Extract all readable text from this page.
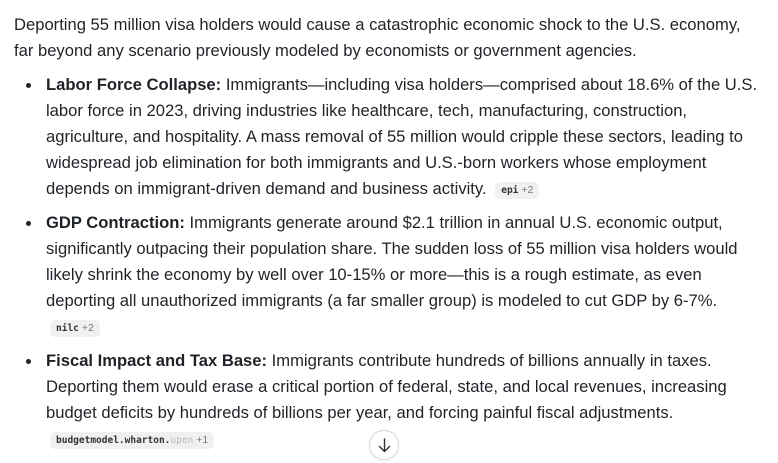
Deporting 55 million visa holders would cause a catastrophic economic shock to the U.S. economy, far beyond any scenario previously modeled by economists or government agencies.

Labor Force Collapse: Immigrants—including visa holders—comprised about 18.6% of the U.S. labor force in 2023, driving industries like healthcare, tech, manufacturing, construction, agriculture, and hospitality. A mass removal of 55 million would cripple these sectors, leading to widespread job elimination for both immigrants and U.S.-born workers whose employment depends on immigrant-driven demand and business activity. epi +2
GDP Contraction: Immigrants generate around $2.1 trillion in annual U.S. economic output, significantly outpacing their population share. The sudden loss of 55 million visa holders would likely shrink the economy by well over 10-15% or more—this is a rough estimate, as even deporting all unauthorized immigrants (a far smaller group) is modeled to cut GDP by 6-7%. nilc +2
Fiscal Impact and Tax Base: Immigrants contribute hundreds of billions annually in taxes. Deporting them would erase a critical portion of federal, state, and local revenues, increasing budget deficits by hundreds of billions per year, and forcing painful fiscal adjustments. budgetmodel.wharton.upen +1
